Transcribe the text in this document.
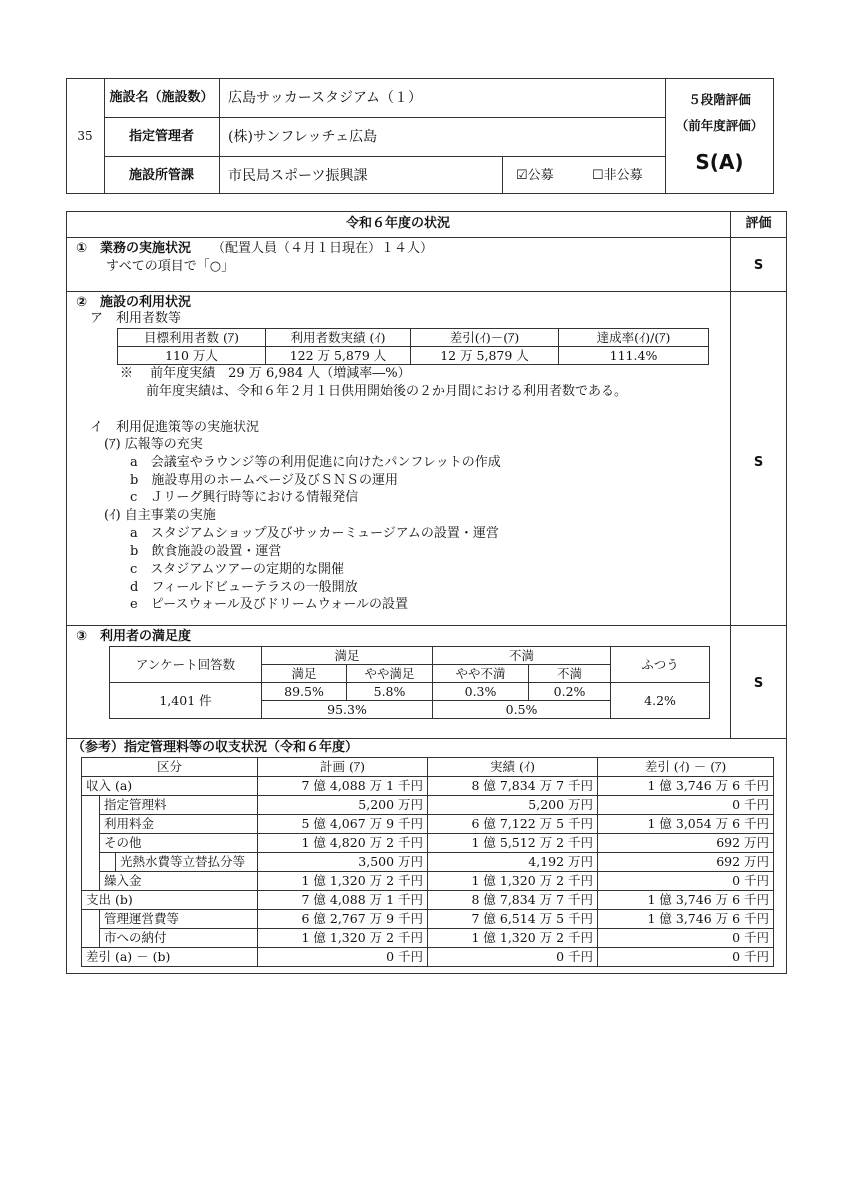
35
施設名（施設数）	広島サッカースタジアム（１）
指定管理者	(株)サンフレッチェ広島
施設所管課	市民局スポーツ振興課	☑公募	☐非公募
５段階評価
（前年度評価）
S(A)
令和６年度の状況	評価
①　業務の実施状況 （配置人員（４月１日現在）１４人）
すべての項目で「○」	S
②　施設の利用状況
ア　利用者数等
目標利用者数 (ｱ)	利用者数実績 (ｲ)	差引(ｲ)－(ｱ)	達成率(ｲ)/(ｱ)
110 万人	122 万 5,879 人	12 万 5,879 人	111.4%
※　 前年度実績　29 万 6,984 人（増減率―%）
前年度実績は、令和６年２月１日供用開始後の２か月間における利用者数である。
イ　利用促進策等の実施状況
(ｱ) 広報等の充実
a　会議室やラウンジ等の利用促進に向けたパンフレットの作成
b　施設専用のホームページ及びＳＮＳの運用
c　Ｊリーグ興行時等における情報発信
(ｲ) 自主事業の実施
a　スタジアムショップ及びサッカーミュージアムの設置・運営
b　飲食施設の設置・運営
c　スタジアムツアーの定期的な開催
d　フィールドビューテラスの一般開放
e　ピースウォール及びドリームウォールの設置
S
③　利用者の満足度
アンケート回答数	満足		不満		ふつう
	満足	やや満足	やや不満	不満	
1,401 件	89.5%	5.8%	0.3%	0.2%	4.2%
	95.3%		0.5%		
S
（参考）指定管理料等の収支状況（令和６年度）
区分			計画 (ｱ)	実績 (ｲ)	差引 (ｲ) － (ｱ)
収入 (a)			7 億 4,088 万 1 千円	8 億 7,834 万 7 千円	1 億 3,746 万 6 千円
	指定管理料		5,200 万円	5,200 万円	0 千円
	利用料金		5 億 4,067 万 9 千円	6 億 7,122 万 5 千円	1 億 3,054 万 6 千円
	その他		1 億 4,820 万 2 千円	1 億 5,512 万 2 千円	692 万円
		光熱水費等立替払分等	3,500 万円	4,192 万円	692 万円
	繰入金		1 億 1,320 万 2 千円	1 億 1,320 万 2 千円	0 千円
支出 (b)			7 億 4,088 万 1 千円	8 億 7,834 万 7 千円	1 億 3,746 万 6 千円
	管理運営費等		6 億 2,767 万 9 千円	7 億 6,514 万 5 千円	1 億 3,746 万 6 千円
	市への納付		1 億 1,320 万 2 千円	1 億 1,320 万 2 千円	0 千円
差引 (a) － (b)			0 千円	0 千円	0 千円
